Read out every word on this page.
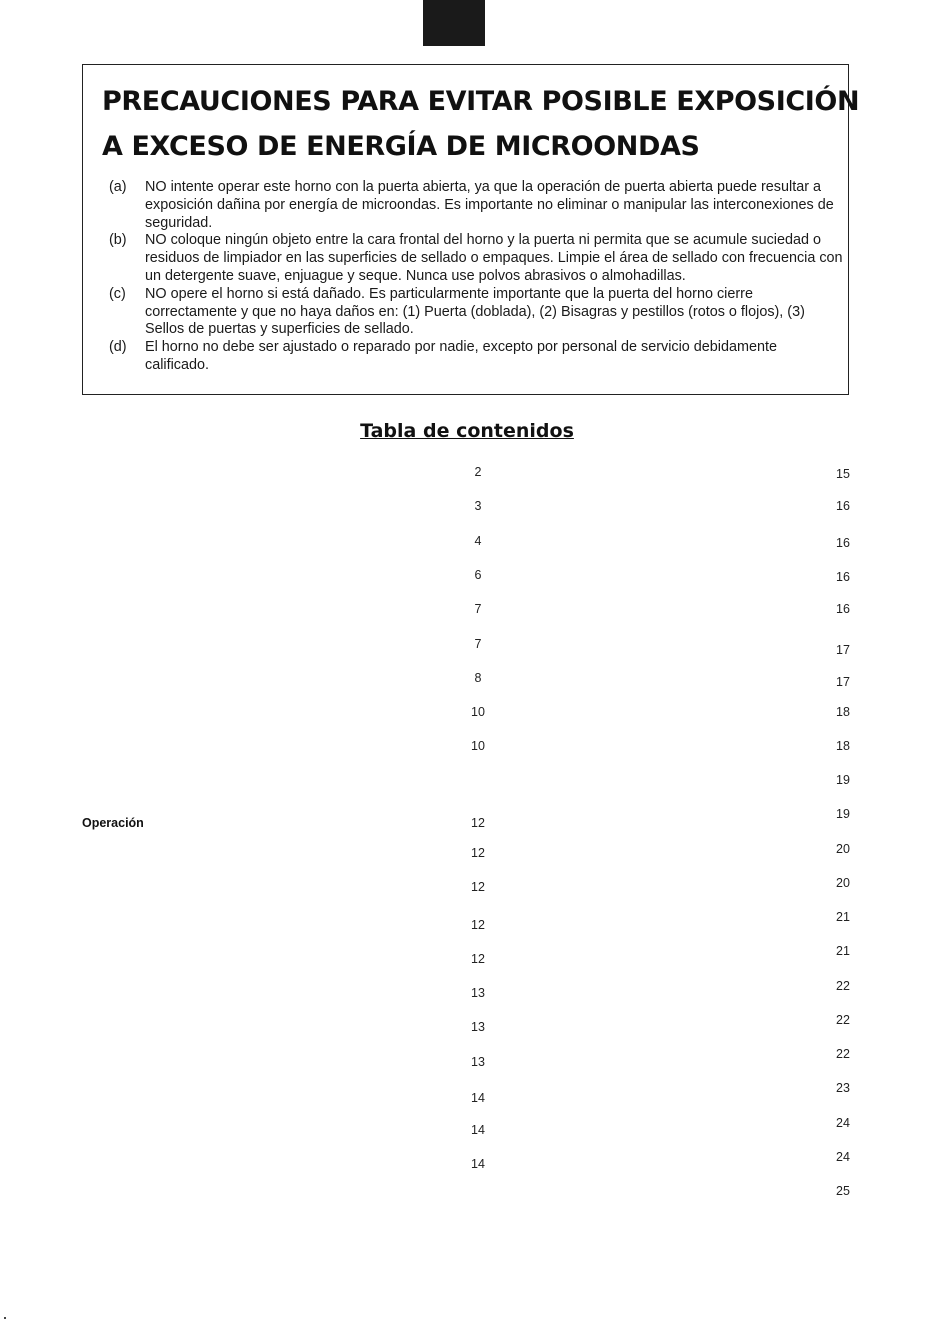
PRECAUCIONES PARA EVITAR POSIBLE EXPOSICIÓN
A EXCESO DE ENERGÍA DE MICROONDAS
(a) NO intente operar este horno con la puerta abierta, ya que la operación de puerta abierta puede resultar a exposición dañina por energía de microondas. Es importante no eliminar o manipular las interconexiones de seguridad.
(b) NO coloque ningún objeto entre la cara frontal del horno y la puerta ni permita que se acumule suciedad o residuos de limpiador en las superficies de sellado o empaques. Limpie el área de sellado con frecuencia con un detergente suave, enjuague y seque. Nunca use polvos abrasivos o almohadillas.
(c) NO opere el horno si está dañado. Es particularmente importante que la puerta del horno cierre correctamente y que no haya daños en: (1) Puerta (doblada), (2) Bisagras y pestillos (rotos o flojos), (3) Sellos de puertas y superficies de sellado.
(d) El horno no debe ser ajustado o reparado por nadie, excepto por personal de servicio debidamente calificado.
Tabla de contenidos
Operación
2
3
4
6
7
7
8
10
10
12
12
12
12
12
13
13
13
14
14
14
15
16
16
16
16
17
17
18
18
19
19
20
20
21
21
22
22
22
23
24
24
25
